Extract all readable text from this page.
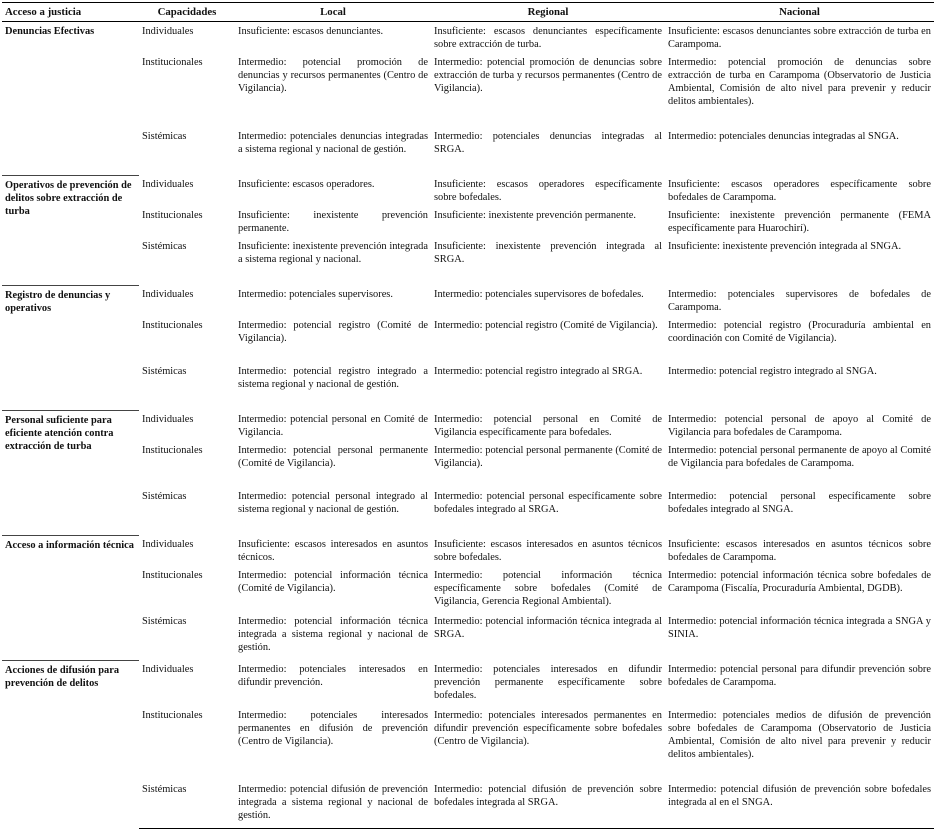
Acceso a justicia	Capacidades	Local	Regional	Nacional
Denuncias Efectivas	Individuales	Insuficiente: escasos denunciantes.	Insuficiente: escasos denunciantes específicamente sobre extracción de turba.	Insuficiente: escasos denunciantes sobre extracción de turba en Carampoma.
	Institucionales	Intermedio: potencial promoción de denuncias y recursos permanentes (Centro de Vigilancia).	Intermedio: potencial promoción de denuncias sobre extracción de turba y recursos permanentes (Centro de Vigilancia).	Intermedio: potencial promoción de denuncias sobre extracción de turba en Carampoma (Observatorio de Justicia Ambiental, Comisión de alto nivel para prevenir y reducir delitos ambientales).
	Sistémicas	Intermedio: potenciales denuncias integradas a sistema regional y nacional de gestión.	Intermedio: potenciales denuncias integradas al SRGA.	Intermedio: potenciales denuncias integradas al SNGA.
Operativos de prevención de delitos sobre extracción de turba	Individuales	Insuficiente: escasos operadores.	Insuficiente: escasos operadores específicamente sobre bofedales.	Insuficiente: escasos operadores específicamente sobre bofedales de Carampoma.
	Institucionales	Insuficiente: inexistente prevención permanente.	Insuficiente: inexistente prevención permanente.	Insuficiente: inexistente prevención permanente (FEMA específicamente para Huarochirí).
	Sistémicas	Insuficiente: inexistente prevención integrada a sistema regional y nacional.	Insuficiente: inexistente prevención integrada al SRGA.	Insuficiente: inexistente prevención integrada al SNGA.
Registro de denuncias y operativos	Individuales	Intermedio: potenciales supervisores.	Intermedio: potenciales supervisores de bofedales.	Intermedio: potenciales supervisores de bofedales de Carampoma.
	Institucionales	Intermedio: potencial registro (Comité de Vigilancia).	Intermedio: potencial registro (Comité de Vigilancia).	Intermedio: potencial registro (Procuraduría ambiental en coordinación con Comité de Vigilancia).
	Sistémicas	Intermedio: potencial registro integrado a sistema regional y nacional de gestión.	Intermedio: potencial registro integrado al SRGA.	Intermedio: potencial registro integrado al SNGA.
Personal suficiente para eficiente atención contra extracción de turba	Individuales	Intermedio: potencial personal en Comité de Vigilancia.	Intermedio: potencial personal en Comité de Vigilancia específicamente para bofedales.	Intermedio: potencial personal de apoyo al Comité de Vigilancia para bofedales de Carampoma.
	Institucionales	Intermedio: potencial personal permanente (Comité de Vigilancia).	Intermedio: potencial personal permanente (Comité de Vigilancia).	Intermedio: potencial personal permanente de apoyo al Comité de Vigilancia para bofedales de Carampoma.
	Sistémicas	Intermedio: potencial personal integrado al sistema regional y nacional de gestión.	Intermedio: potencial personal específicamente sobre bofedales integrado al SRGA.	Intermedio: potencial personal específicamente sobre bofedales integrado al SNGA.
Acceso a información técnica	Individuales	Insuficiente: escasos interesados en asuntos técnicos.	Insuficiente: escasos interesados en asuntos técnicos sobre bofedales.	Insuficiente: escasos interesados en asuntos técnicos sobre bofedales de Carampoma.
	Institucionales	Intermedio: potencial información técnica (Comité de Vigilancia).	Intermedio: potencial información técnica específicamente sobre bofedales (Comité de Vigilancia, Gerencia Regional Ambiental).	Intermedio: potencial información técnica sobre bofedales de Carampoma (Fiscalía, Procuraduría Ambiental, DGDB).
	Sistémicas	Intermedio: potencial información técnica integrada a sistema regional y nacional de gestión.	Intermedio: potencial información técnica integrada al SRGA.	Intermedio: potencial información técnica integrada a SNGA y SINIA.
Acciones de difusión para prevención de delitos	Individuales	Intermedio: potenciales interesados en difundir prevención.	Intermedio: potenciales interesados en difundir prevención permanente específicamente sobre bofedales.	Intermedio: potencial personal para difundir prevención sobre bofedales de Carampoma.
	Institucionales	Intermedio: potenciales interesados permanentes en difusión de prevención (Centro de Vigilancia).	Intermedio: potenciales interesados permanentes en difundir prevención específicamente sobre bofedales (Centro de Vigilancia).	Intermedio: potenciales medios de difusión de prevención sobre bofedales de Carampoma (Observatorio de Justicia Ambiental, Comisión de alto nivel para prevenir y reducir delitos ambientales).
	Sistémicas	Intermedio: potencial difusión de prevención integrada a sistema regional y nacional de gestión.	Intermedio: potencial difusión de prevención sobre bofedales integrada al SRGA.	Intermedio: potencial difusión de prevención sobre bofedales integrada al en el SNGA.
